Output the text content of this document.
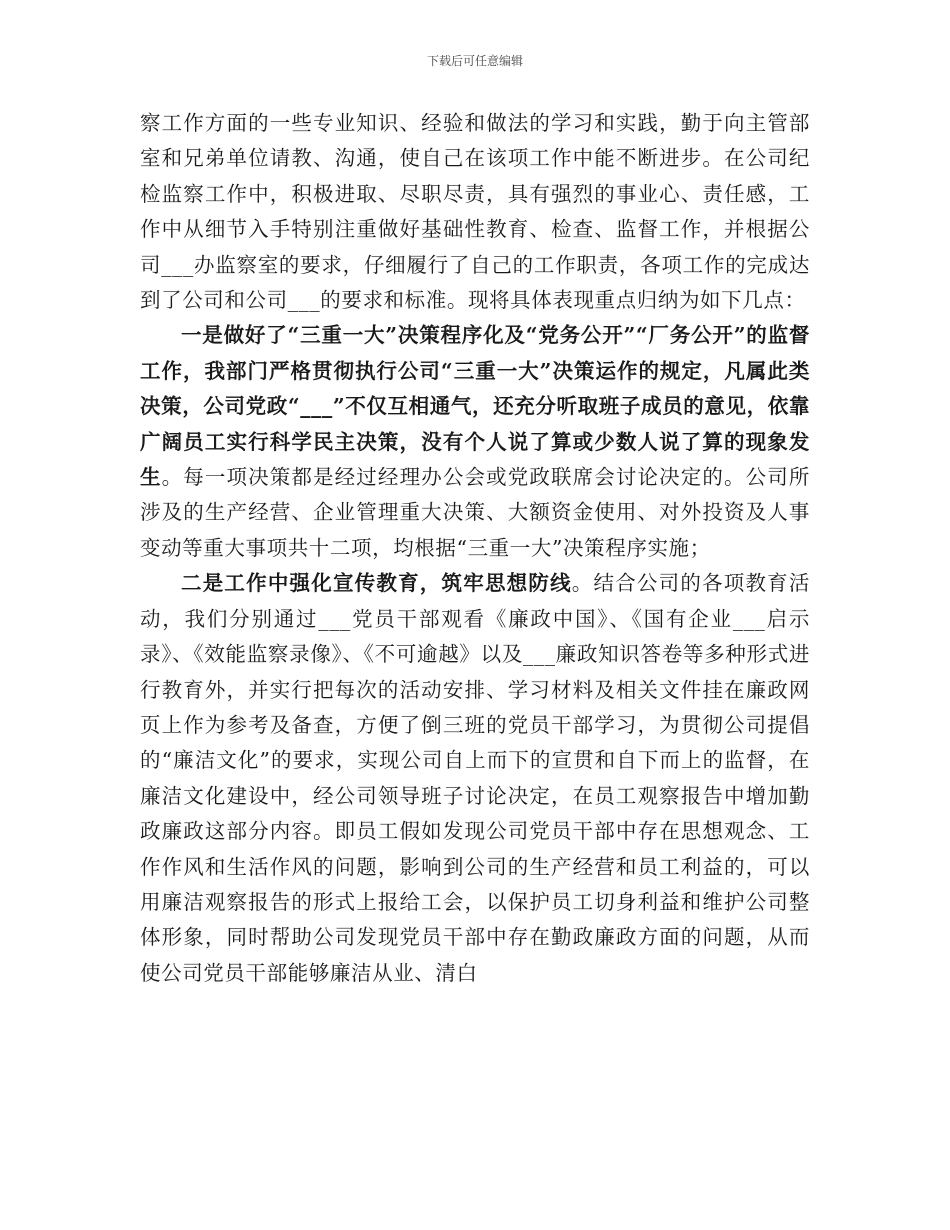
下载后可任意编辑

察工作方面的一些专业知识、经验和做法的学习和实践，勤于向主管部室和兄弟单位请教、沟通，使自己在该项工作中能不断进步。在公司纪检监察工作中，积极进取、尽职尽责，具有强烈的事业心、责任感，工作中从细节入手特别注重做好基础性教育、检查、监督工作，并根据公司___办监察室的要求，仔细履行了自己的工作职责，各项工作的完成达到了公司和公司___的要求和标准。现将具体表现重点归纳为如下几点：

一是做好了“三重一大”决策程序化及“党务公开”“厂务公开”的监督工作，我部门严格贯彻执行公司“三重一大”决策运作的规定，凡属此类决策，公司党政“___”不仅互相通气，还充分听取班子成员的意见，依靠广阔员工实行科学民主决策，没有个人说了算或少数人说了算的现象发生。每一项决策都是经过经理办公会或党政联席会讨论决定的。公司所涉及的生产经营、企业管理重大决策、大额资金使用、对外投资及人事变动等重大事项共十二项，均根据“三重一大”决策程序实施；

二是工作中强化宣传教育，筑牢思想防线。结合公司的各项教育活动，我们分别通过___党员干部观看《廉政中国》、《国有企业___启示录》、《效能监察录像》、《不可逾越》以及___廉政知识答卷等多种形式进行教育外，并实行把每次的活动安排、学习材料及相关文件挂在廉政网页上作为参考及备查，方便了倒三班的党员干部学习，为贯彻公司提倡的“廉洁文化”的要求，实现公司自上而下的宣贯和自下而上的监督，在廉洁文化建设中，经公司领导班子讨论决定，在员工观察报告中增加勤政廉政这部分内容。即员工假如发现公司党员干部中存在思想观念、工作作风和生活作风的问题，影响到公司的生产经营和员工利益的，可以用廉洁观察报告的形式上报给工会，以保护员工切身利益和维护公司整体形象，同时帮助公司发现党员干部中存在勤政廉政方面的问题，从而使公司党员干部能够廉洁从业、清白
